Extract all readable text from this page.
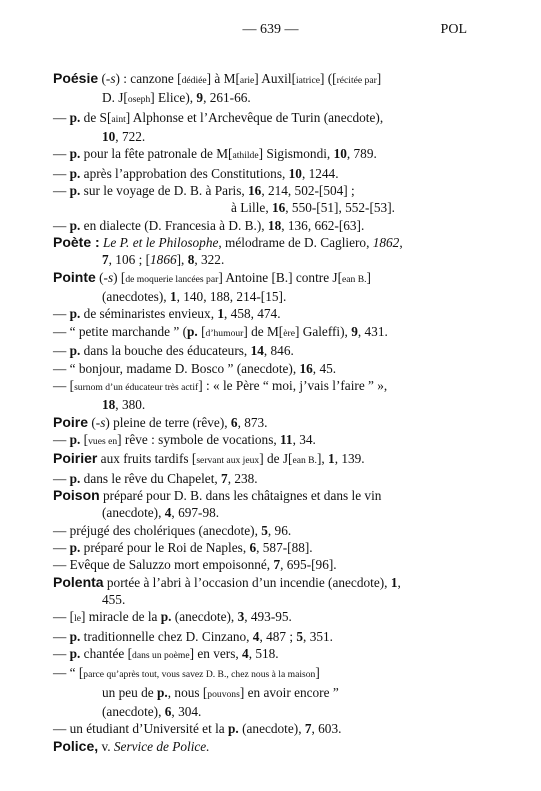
— 639 —	POL
Poésie (-s) : canzone [dédiée] à M[arie] Auxil[iatrice] ([récitée par]
D. J[oseph] Elice), 9, 261-66.
— p. de S[aint] Alphonse et l’Archevêque de Turin (anecdote),
10, 722.
— p. pour la fête patronale de M[athilde] Sigismondi, 10, 789.
— p. après l’approbation des Constitutions, 10, 1244.
— p. sur le voyage de D. B. à Paris, 16, 214, 502-[504] ;
à Lille, 16, 550-[51], 552-[53].
— p. en dialecte (D. Francesia à D. B.), 18, 136, 662-[63].
Poète : Le P. et le Philosophe, mélodrame de D. Cagliero, 1862,
7, 106 ; [1866], 8, 322.
Pointe (-s) [de moquerie lancées par] Antoine [B.] contre J[ean B.]
(anecdotes), 1, 140, 188, 214-[15].
— p. de séminaristes envieux, 1, 458, 474.
— “ petite marchande ” (p. [d’humour] de M[ère] Galeffi), 9, 431.
— p. dans la bouche des éducateurs, 14, 846.
— “ bonjour, madame D. Bosco ” (anecdote), 16, 45.
— [surnom d’un éducateur très actif] : « le Père “ moi, j’vais l’faire ” »,
18, 380.
Poire (-s) pleine de terre (rêve), 6, 873.
— p. [vues en] rêve : symbole de vocations, 11, 34.
Poirier aux fruits tardifs [servant aux jeux] de J[ean B.], 1, 139.
— p. dans le rêve du Chapelet, 7, 238.
Poison préparé pour D. B. dans les châtaignes et dans le vin
(anecdote), 4, 697-98.
— préjugé des cholériques (anecdote), 5, 96.
— p. préparé pour le Roi de Naples, 6, 587-[88].
— Evêque de Saluzzo mort empoisonné, 7, 695-[96].
Polenta portée à l’abri à l’occasion d’un incendie (anecdote), 1,
455.
— [le] miracle de la p. (anecdote), 3, 493-95.
— p. traditionnelle chez D. Cinzano, 4, 487 ; 5, 351.
— p. chantée [dans un poème] en vers, 4, 518.
— “ [parce qu’après tout, vous savez D. B., chez nous à la maison]
un peu de p., nous [pouvons] en avoir encore ”
(anecdote), 6, 304.
— un étudiant d’Université et la p. (anecdote), 7, 603.
Police, v. Service de Police.
